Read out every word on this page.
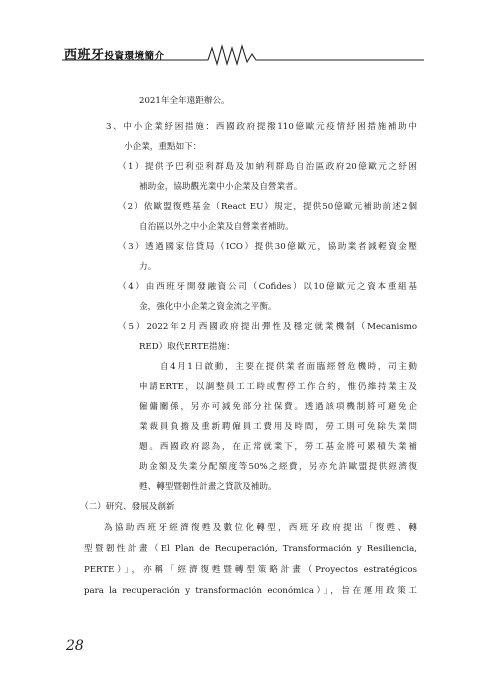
西班牙投資環境簡介
2021年全年遠距辦公。
3、中小企業紓困措施：西國政府提撥110億歐元疫情紓困措施補助中
小企業，重點如下：
（1）提供予巴利亞利群島及加納利群島自治區政府20億歐元之紓困
補助金，協助觀光業中小企業及自營業者。
（2）依歐盟復甦基金（React EU）規定，提供50億歐元補助前述2個
自治區以外之中小企業及自營業者補助。
（3）透過國家信貸局（ICO）提供30億歐元，協助業者減輕資金壓
力。
（4）由西班牙開發融資公司（Cofides）以10億歐元之資本重組基
金，強化中小企業之資金流之平衡。
（5）2022年2月西國政府提出彈性及穩定就業機制（Mecanismo
RED）取代ERTE措施：
自4月1日啟動，主要在提供業者面臨經營危機時，司主動
申請ERTE，以調整員工工時或暫停工作合約，惟仍維持業主及
僱傭關係，另亦可減免部分社保費。透過該項機制將可避免企
業裁員負擔及重新聘僱員工費用及時間，勞工則可免除失業問
題。西國政府認為，在正常就業下，勞工基金將可累積失業補
助金額及失業分配額度等50%之經費，另亦允許歐盟提供經濟復
甦、轉型暨韌性計畫之貸款及補助。
（二）研究、發展及創新
為協助西班牙經濟復甦及數位化轉型，西班牙政府提出「復甦、轉
型暨韌性計畫（El Plan de Recuperación, Transformación y Resiliencia,
PERTE）」，亦稱「經濟復甦暨轉型策略計畫（Proyectos estratégicos
para la recuperación y transformación económica）」，旨在運用政策工
28
